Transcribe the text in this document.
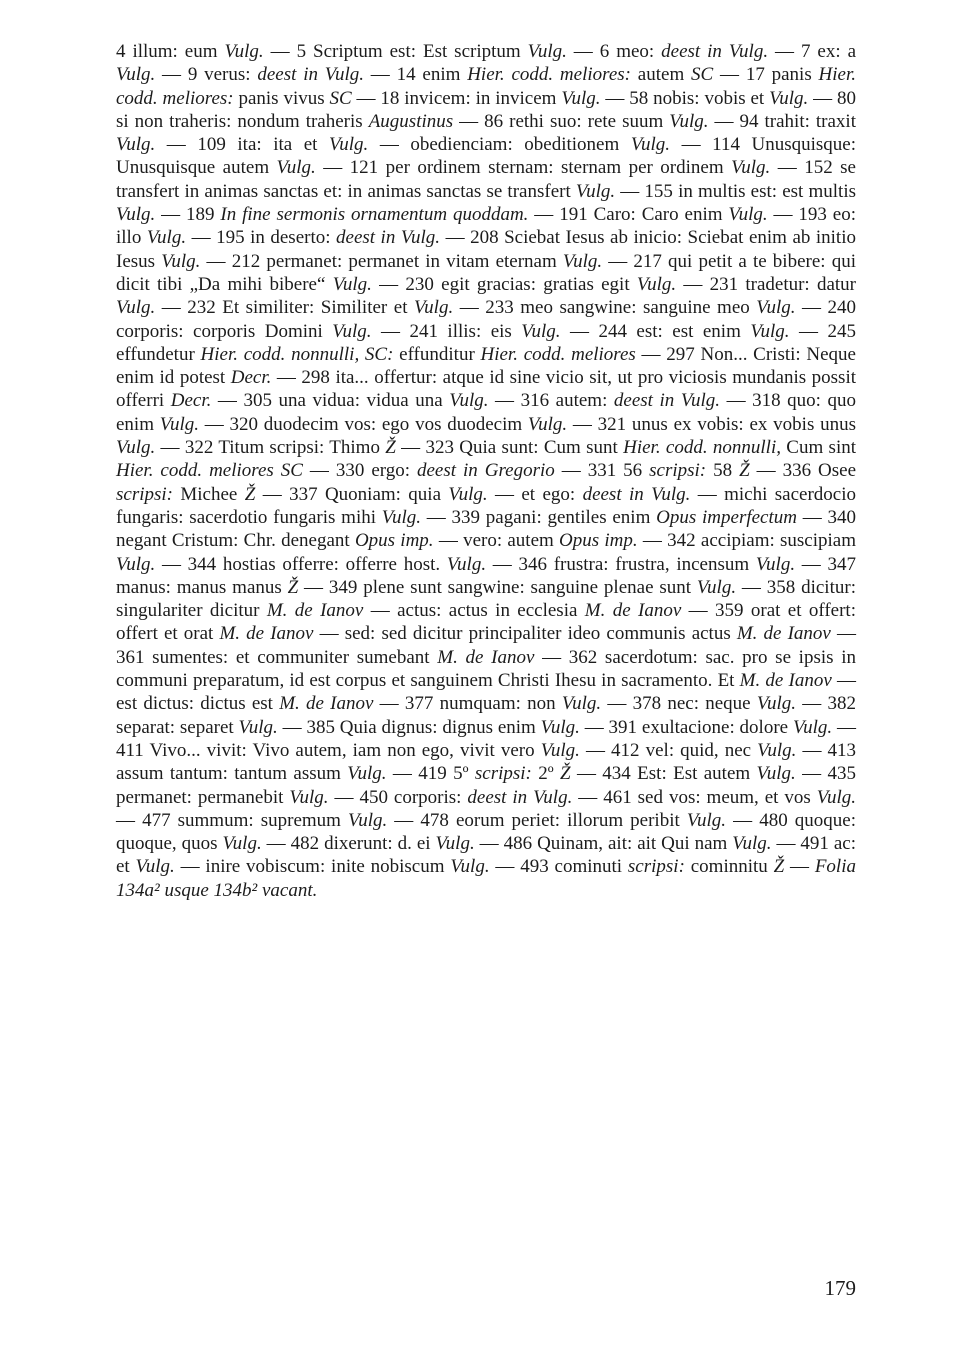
4 illum: eum Vulg. — 5 Scriptum est: Est scriptum Vulg. — 6 meo: deest in Vulg. — 7 ex: a Vulg. — 9 verus: deest in Vulg. — 14 enim Hier. codd. meliores: autem SC — 17 panis Hier. codd. meliores: panis vivus SC — 18 invicem: in invicem Vulg. — 58 nobis: vobis et Vulg. — 80 si non traheris: nondum traheris Augustinus — 86 rethi suo: rete suum Vulg. — 94 trahit: traxit Vulg. — 109 ita: ita et Vulg. — obedienciam: obeditionem Vulg. — 114 Unusquisque: Unusquisque autem Vulg. — 121 per ordinem sternam: sternam per ordinem Vulg. — 152 se transfert in animas sanctas et: in animas sanctas se transfert Vulg. — 155 in multis est: est multis Vulg. — 189 In fine sermonis ornamentum quoddam. — 191 Caro: Caro enim Vulg. — 193 eo: illo Vulg. — 195 in deserto: deest in Vulg. — 208 Sciebat Iesus ab inicio: Sciebat enim ab initio Iesus Vulg. — 212 permanet: permanet in vitam eternam Vulg. — 217 qui petit a te bibere: qui dicit tibi „Da mihi bibere“ Vulg. — 230 egit gracias: gratias egit Vulg. — 231 tradetur: datur Vulg. — 232 Et similiter: Similiter et Vulg. — 233 meo sangwine: sanguine meo Vulg. — 240 corporis: corporis Domini Vulg. — 241 illis: eis Vulg. — 244 est: est enim Vulg. — 245 effundetur Hier. codd. nonnulli, SC: effunditur Hier. codd. meliores — 297 Non... Cristi: Neque enim id potest Decr. — 298 ita... offertur: atque id sine vicio sit, ut pro viciosis mundanis possit offerri Decr. — 305 una vidua: vidua una Vulg. — 316 autem: deest in Vulg. — 318 quo: quo enim Vulg. — 320 duodecim vos: ego vos duodecim Vulg. — 321 unus ex vobis: ex vobis unus Vulg. — 322 Titum scripsi: Thimo Ž — 323 Quia sunt: Cum sunt Hier. codd. nonnulli, Cum sint Hier. codd. meliores SC — 330 ergo: deest in Gregorio — 331 56 scripsi: 58 Ž — 336 Osee scripsi: Michee Ž — 337 Quoniam: quia Vulg. — et ego: deest in Vulg. — michi sacerdocio fungaris: sacerdotio fungaris mihi Vulg. — 339 pagani: gentiles enim Opus imperfectum — 340 negant Cristum: Chr. denegant Opus imp. — vero: autem Opus imp. — 342 accipiam: suscipiam Vulg. — 344 hostias offerre: offerre host. Vulg. — 346 frustra: frustra, incensum Vulg. — 347 manus: manus manus Ž — 349 plene sunt sangwine: sanguine plenae sunt Vulg. — 358 dicitur: singulariter dicitur M. de Ianov — actus: actus in ecclesia M. de Ianov — 359 orat et offert: offert et orat M. de Ianov — sed: sed dicitur principaliter ideo communis actus M. de Ianov — 361 sumentes: et communiter sumebant M. de Ianov — 362 sacerdotum: sac. pro se ipsis in communi preparatum, id est corpus et sanguinem Christi Ihesu in sacramento. Et M. de Ianov — est dictus: dictus est M. de Ianov — 377 numquam: non Vulg. — 378 nec: neque Vulg. — 382 separat: separet Vulg. — 385 Quia dignus: dignus enim Vulg. — 391 exultacione: dolore Vulg. — 411 Vivo... vivit: Vivo autem, iam non ego, vivit vero Vulg. — 412 vel: quid, nec Vulg. — 413 assum tantum: tantum assum Vulg. — 419 5º scripsi: 2º Ž — 434 Est: Est autem Vulg. — 435 permanet: permanebit Vulg. — 450 corporis: deest in Vulg. — 461 sed vos: meum, et vos Vulg. — 477 summum: supremum Vulg. — 478 eorum periet: illorum peribit Vulg. — 480 quoque: quoque, quos Vulg. — 482 dixerunt: d. ei Vulg. — 486 Quinam, ait: ait Qui nam Vulg. — 491 ac: et Vulg. — inire vobiscum: inite nobiscum Vulg. — 493 cominuti scripsi: cominnitu Ž — Folia 134a² usque 134b² vacant.
179
